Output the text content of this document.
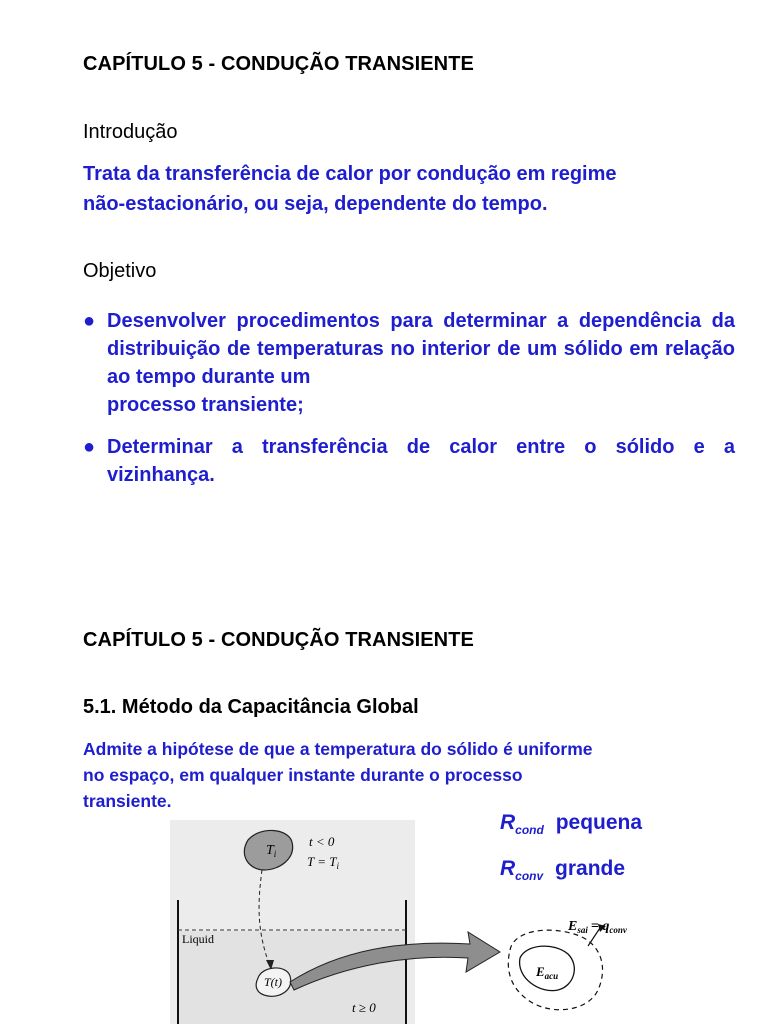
CAPÍTULO 5 - CONDUÇÃO TRANSIENTE
Introdução
Trata da transferência de calor por condução em regime
não-estacionário, ou seja, dependente do tempo.
Objetivo
● Desenvolver procedimentos para determinar a dependência da distribuição de temperaturas no interior de um sólido em relação ao tempo durante um
processo transiente;
● Determinar a transferência de calor entre o sólido e a
vizinhança.
CAPÍTULO 5 - CONDUÇÃO TRANSIENTE
5.1. Método da Capacitância Global
Admite a hipótese de que a temperatura do sólido é uniforme
no espaço, em qualquer instante durante o processo
transiente.
$R_{cond}$ pequena
$R_{conv}$ grande
$T_i$
t < 0
$T = T_i$
Liquid
T(t)
t ≥ 0
$E_{acu}$
$E_{sai} = q_{conv}$
